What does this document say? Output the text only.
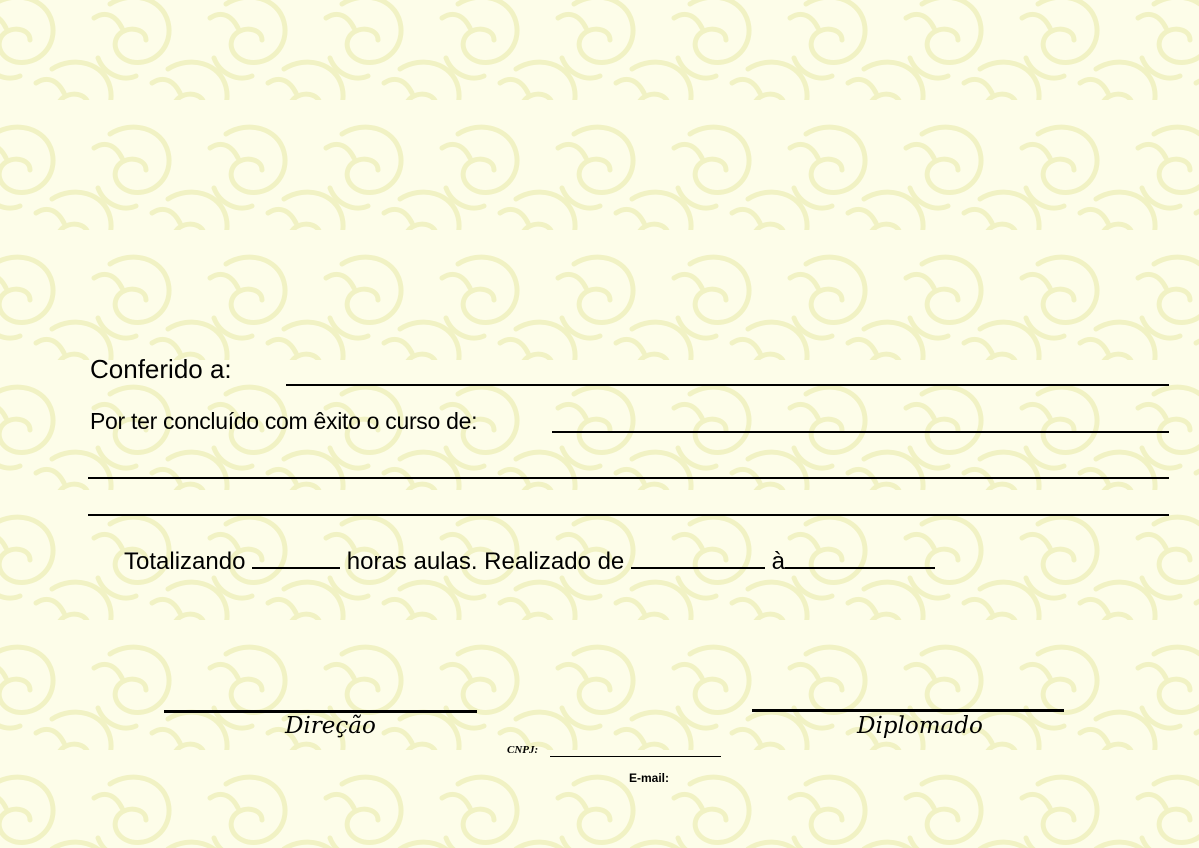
Conferido a:
Por ter concluído com êxito o curso de:
Totalizando	horas aulas. Realizado de	à
Direção	Diplomado
CNPJ:
E-mail:
